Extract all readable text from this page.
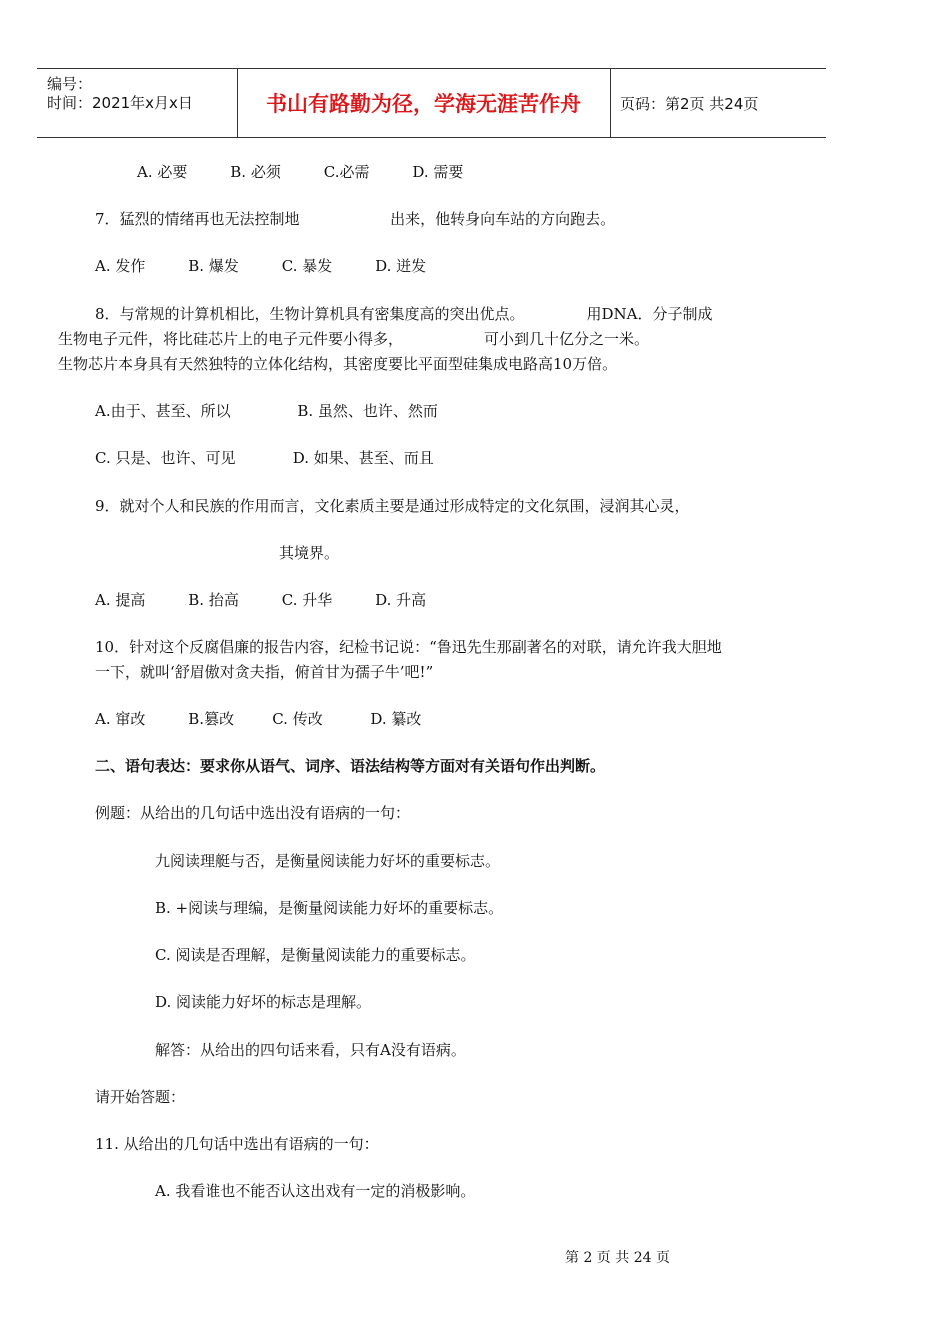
编号：
时间：2021年x月x日	书山有路勤为径，学海无涯苦作舟	页码：第2页 共24页
A. 必要         B. 必须         C.必需         D. 需要
7．猛烈的情绪再也无法控制地                   出来，他转身向车站的方向跑去。
A. 发作         B. 爆发         C. 暴发         D. 迸发
8．与常规的计算机相比，生物计算机具有密集度高的突出优点。             用DNA．分子制成
生物电子元件，将比硅芯片上的电子元件要小得多，                 可小到几十亿分之一米。
生物芯片本身具有天然独特的立体化结构，其密度要比平面型硅集成电路高10万倍。
A.由于、甚至、所以              B. 虽然、也许、然而
C. 只是、也许、可见            D. 如果、甚至、而且
9．就对个人和民族的作用而言，文化素质主要是通过形成特定的文化氛围，浸润其心灵，
其境界。
A. 提高         B. 抬高         C. 升华         D. 升高
10．针对这个反腐倡廉的报告内容，纪检书记说：“鲁迅先生那副著名的对联，请允许我大胆地
一下，就叫‘舒眉傲对贪夫指，俯首甘为孺子牛’吧!”
A. 窜改         B.篡改        C. 传改          D. 纂改
二、语句表达：要求你从语气、词序、语法结构等方面对有关语句作出判断。
例题：从给出的几句话中选出没有语病的一句：
九阅读理艇与否，是衡量阅读能力好坏的重要标志。
B. +阅读与理编，是衡量阅读能力好坏的重要标志。
C. 阅读是否理解，是衡量阅读能力的重要标志。
D. 阅读能力好坏的标志是理解。
解答：从给出的四句话来看，只有A没有语病。
请开始答题：
11. 从给出的几句话中选出有语病的一句：
A. 我看谁也不能否认这出戏有一定的消极影响。
第 2 页 共 24 页
